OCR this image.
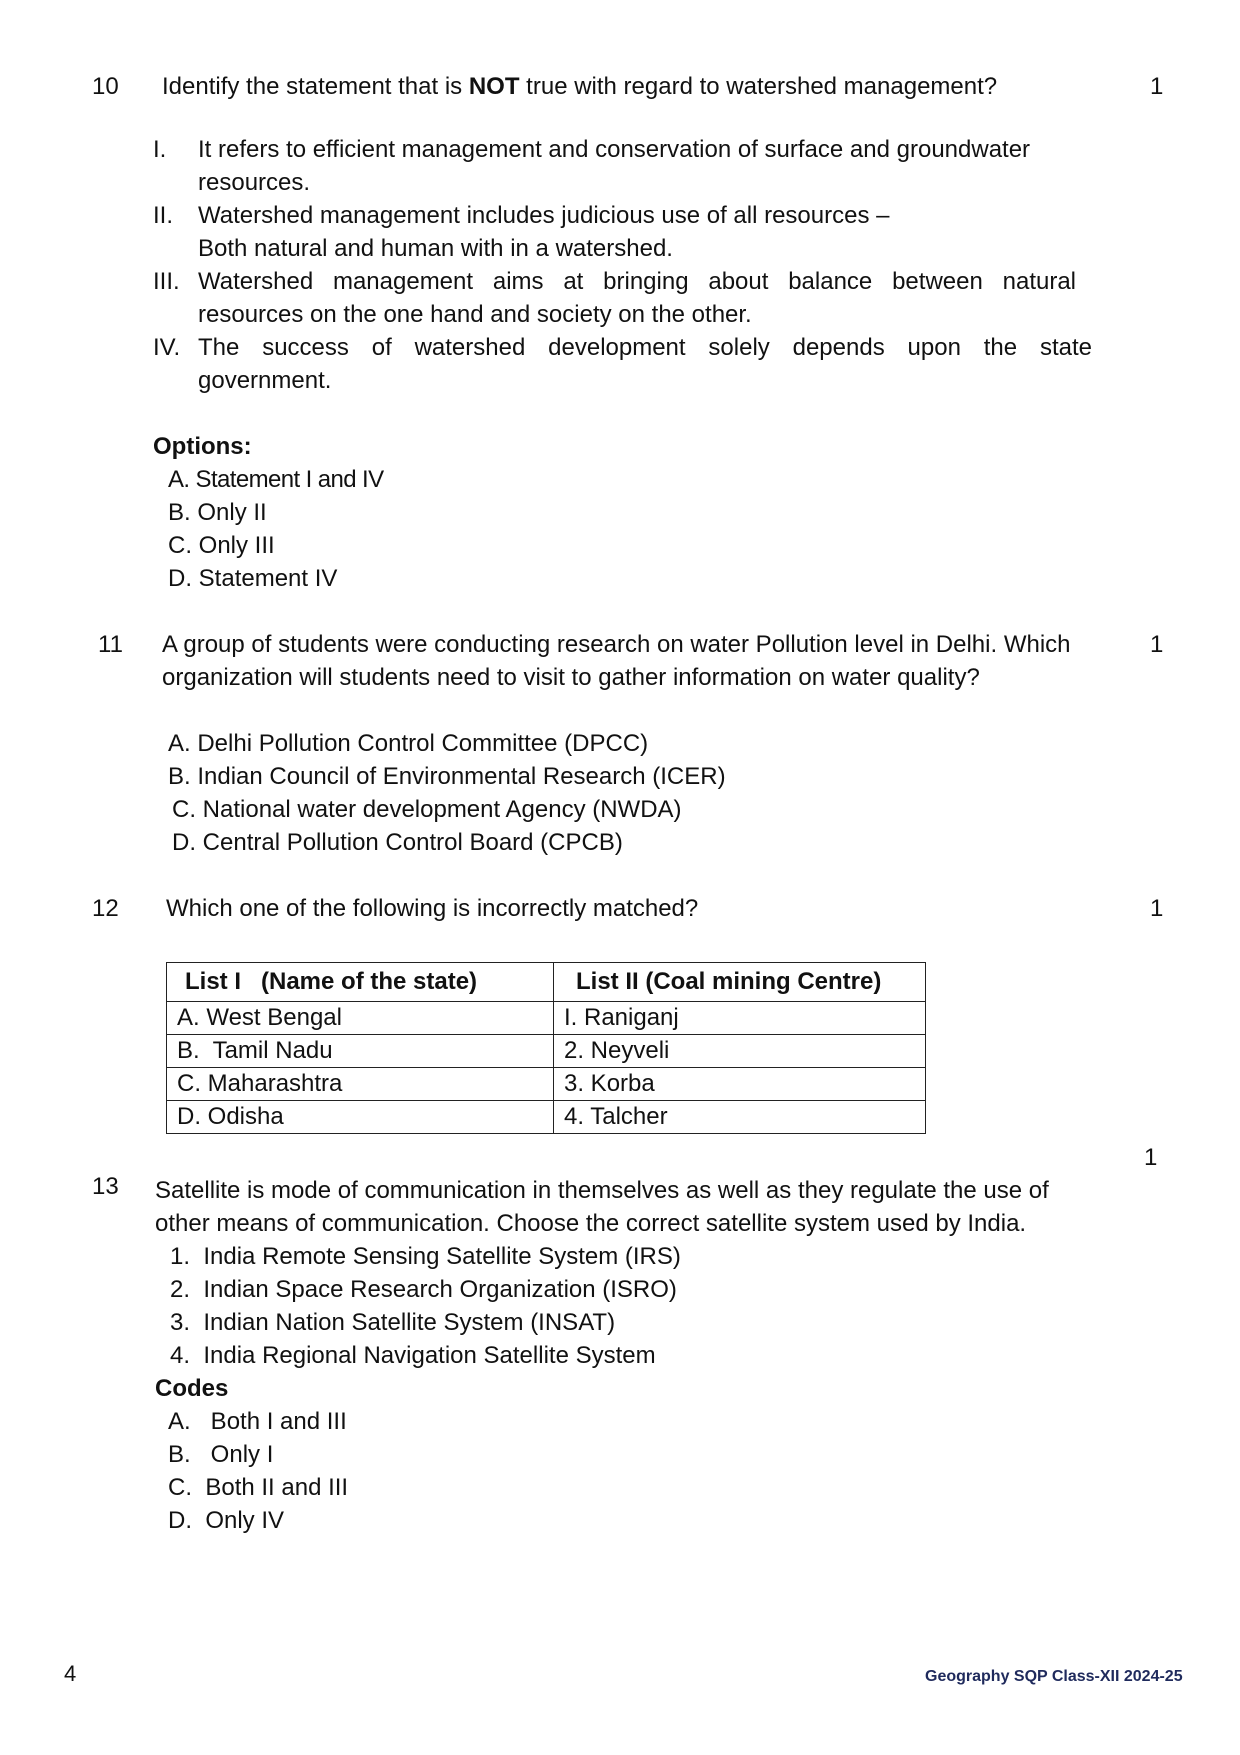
10 Identify the statement that is NOT true with regard to watershed management?	1
I. It refers to efficient management and conservation of surface and groundwater
resources.
II. Watershed management includes judicious use of all resources –
Both natural and human with in a watershed.
III. Watershed management aims at bringing about balance between natural
resources on the one hand and society on the other.
IV. The success of watershed development solely depends upon the state
government.
Options:
A. Statement I and IV
B. Only II
C. Only III
D. Statement IV
11 A group of students were conducting research on water Pollution level in Delhi. Which
organization will students need to visit to gather information on water quality?
1
A. Delhi Pollution Control Committee (DPCC)
B. Indian Council of Environmental Research (ICER)
C. National water development Agency (NWDA)
D. Central Pollution Control Board (CPCB)
12 Which one of the following is incorrectly matched?	1
List I   (Name of the state)	List II (Coal mining Centre)
A. West Bengal	I. Raniganj
B.  Tamil Nadu	2. Neyveli
C. Maharashtra	3. Korba
D. Odisha	4. Talcher
1
13 Satellite is mode of communication in themselves as well as they regulate the use of
other means of communication. Choose the correct satellite system used by India.
1.  India Remote Sensing Satellite System (IRS)
2.  Indian Space Research Organization (ISRO)
3.  Indian Nation Satellite System (INSAT)
4.  India Regional Navigation Satellite System
Codes
A.   Both I and III
B.   Only I
C.  Both II and III
D.  Only IV
4	Geography SQP Class-XII 2024-25
